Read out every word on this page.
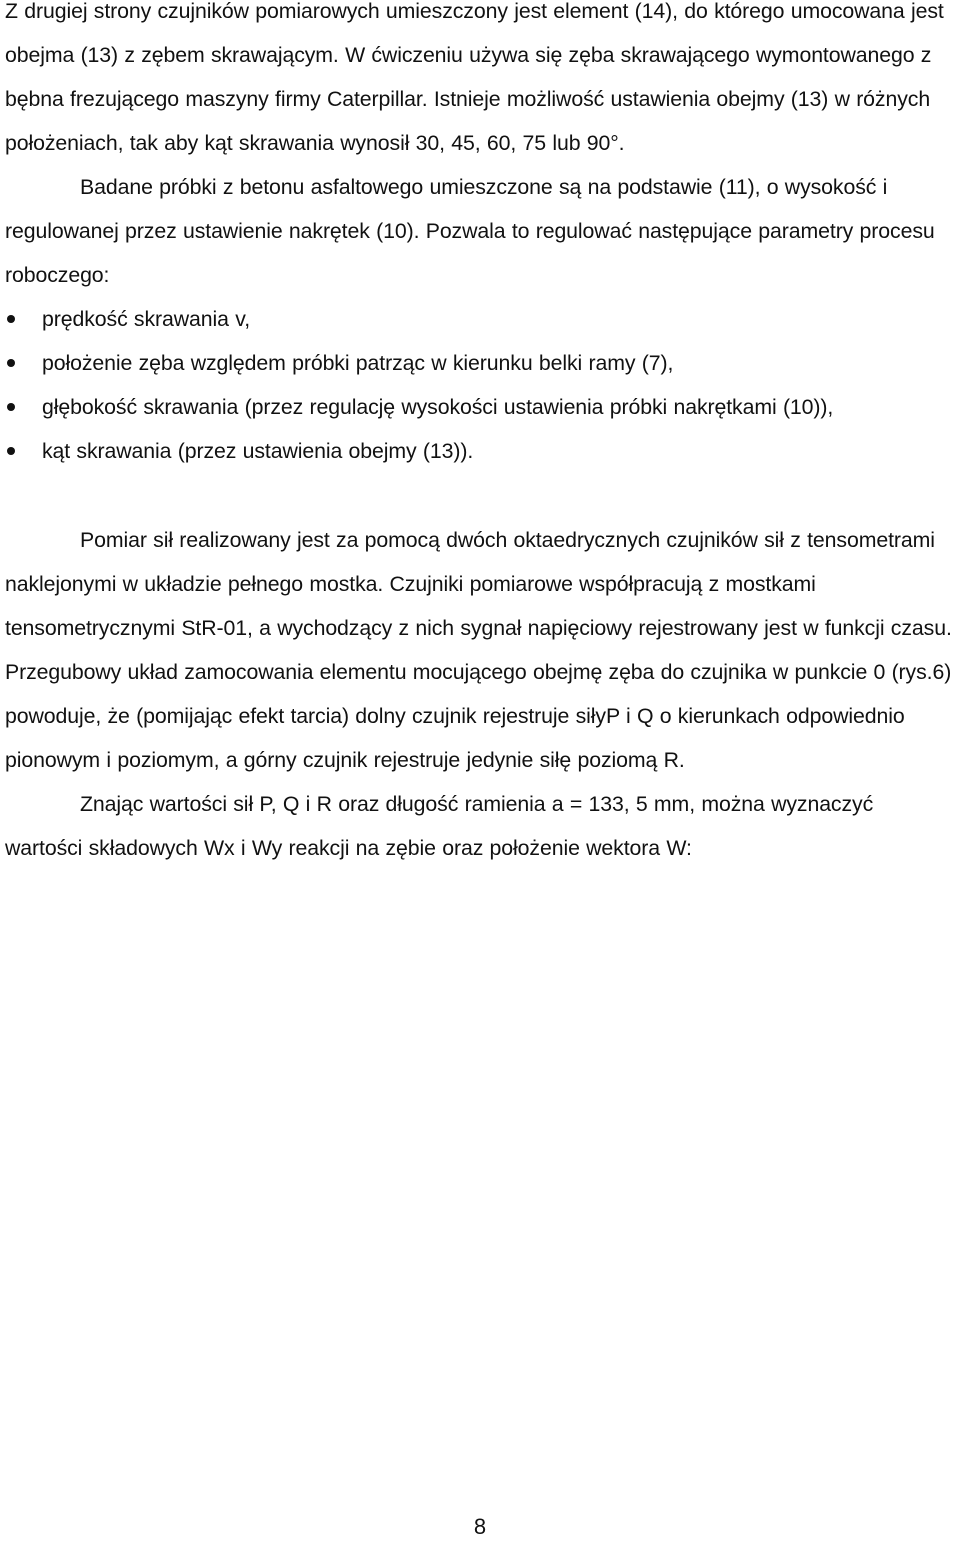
Z drugiej strony czujników pomiarowych umieszczony jest element (14), do którego umocowana jest obejma (13) z zębem skrawającym. W ćwiczeniu używa się zęba skrawającego wymontowanego z bębna frezującego maszyny firmy Caterpillar. Istnieje możliwość ustawienia obejmy (13) w różnych położeniach, tak aby kąt skrawania wynosił 30, 45, 60, 75 lub 90°.

Badane próbki z betonu asfaltowego umieszczone są na podstawie (11), o wysokość i regulowanej przez ustawienie nakrętek (10). Pozwala to regulować następujące parametry procesu roboczego:

prędkość skrawania v,
położenie zęba względem próbki patrząc w kierunku belki ramy (7),
głębokość skrawania (przez regulację wysokości ustawienia próbki nakrętkami (10)),
kąt skrawania (przez ustawienia obejmy (13)).

Pomiar sił realizowany jest za pomocą dwóch oktaedrycznych czujników sił z tensometrami naklejonymi w układzie pełnego mostka. Czujniki pomiarowe współpracują z mostkami tensometrycznymi StR-01, a wychodzący z nich sygnał napięciowy rejestrowany jest w funkcji czasu. Przegubowy układ zamocowania elementu mocującego obejmę zęba do czujnika w punkcie 0 (rys.6) powoduje, że (pomijając efekt tarcia) dolny czujnik rejestruje siłyP i Q o kierunkach odpowiednio pionowym i poziomym, a górny czujnik rejestruje jedynie siłę poziomą R.

Znając wartości sił P, Q i R oraz długość ramienia a = 133, 5 mm, można wyznaczyć wartości składowych Wx i Wy reakcji na zębie oraz położenie wektora W:

8
